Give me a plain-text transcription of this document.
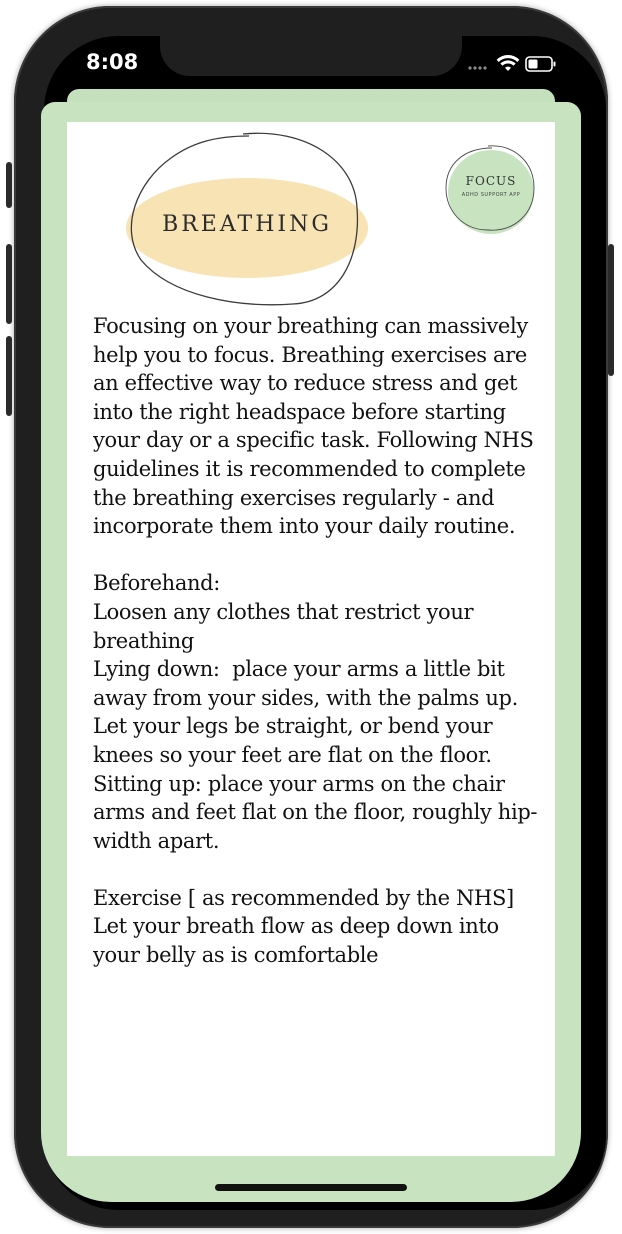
8:08
BREATHING
FOCUS
ADHD SUPPORT APP

Focusing on your breathing can massively help you to focus. Breathing exercises are an effective way to reduce stress and get into the right headspace before starting your day or a specific task. Following NHS guidelines it is recommended to complete the breathing exercises regularly - and incorporate them into your daily routine.

Beforehand:
Loosen any clothes that restrict your breathing
Lying down:  place your arms a little bit away from your sides, with the palms up. Let your legs be straight, or bend your knees so your feet are flat on the floor.
Sitting up: place your arms on the chair arms and feet flat on the floor, roughly hip-width apart.

Exercise [ as recommended by the NHS]
Let your breath flow as deep down into your belly as is comfortable
